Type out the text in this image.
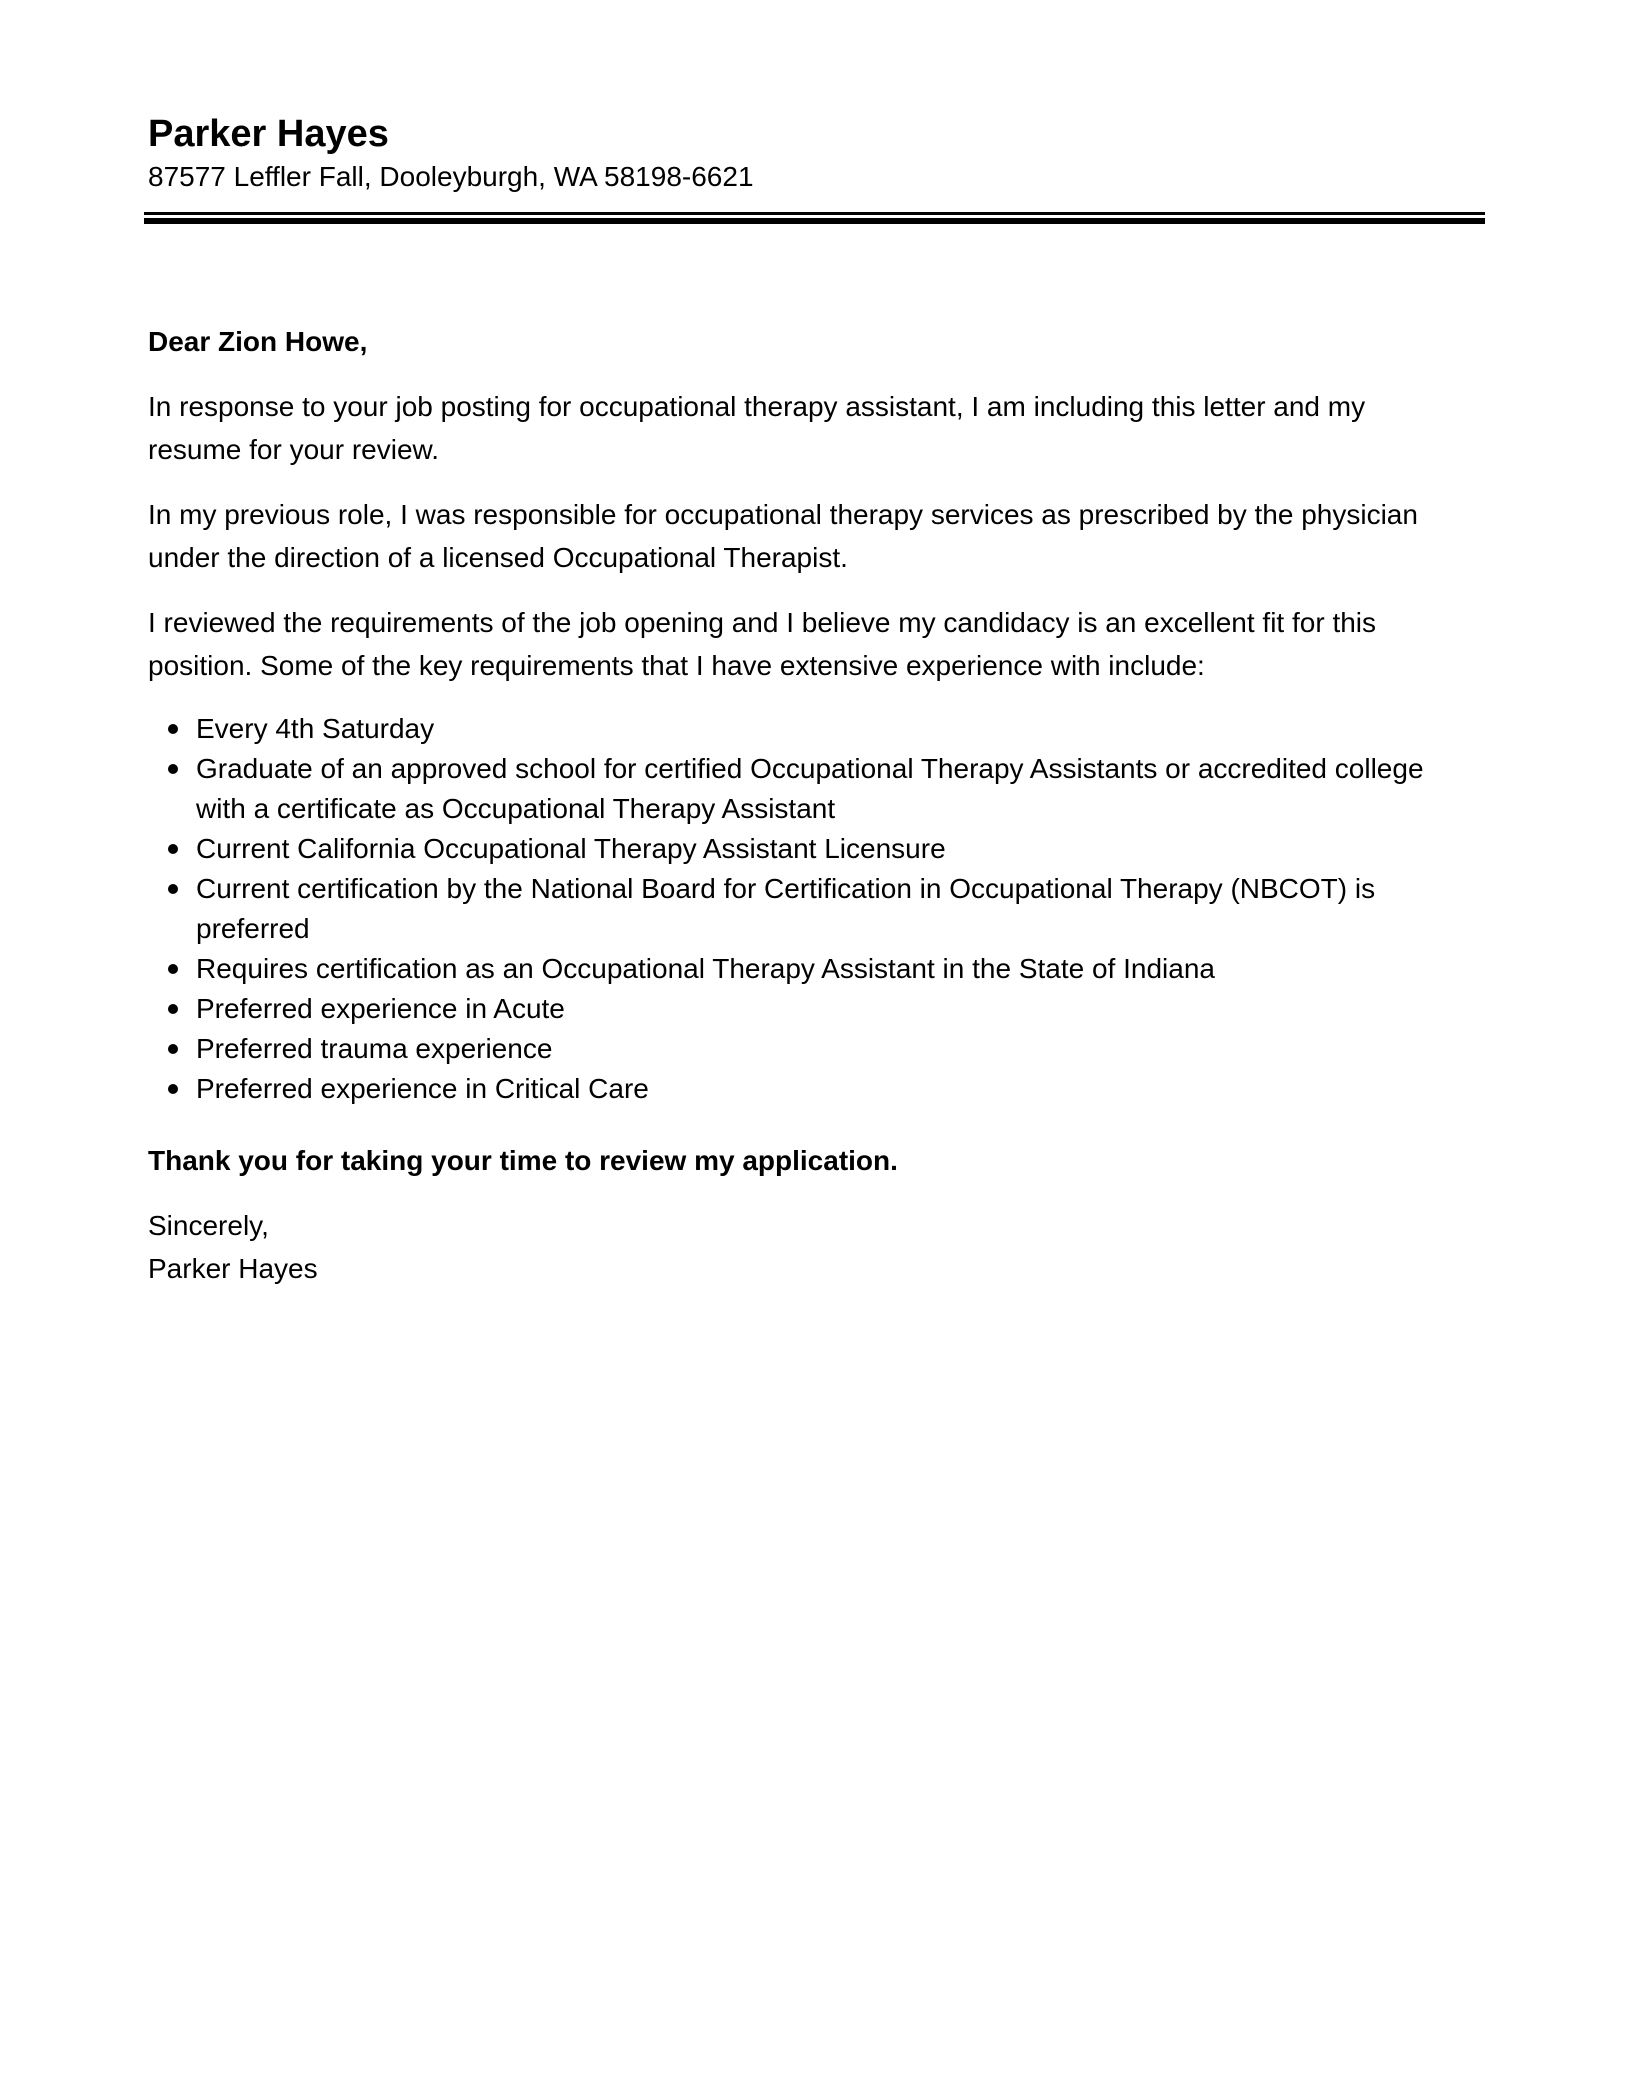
Parker Hayes

87577 Leffler Fall, Dooleyburgh, WA 58198-6621

Dear Zion Howe,

In response to your job posting for occupational therapy assistant, I am including this letter and my resume for your review.

In my previous role, I was responsible for occupational therapy services as prescribed by the physician under the direction of a licensed Occupational Therapist.

I reviewed the requirements of the job opening and I believe my candidacy is an excellent fit for this position. Some of the key requirements that I have extensive experience with include:

Every 4th Saturday
Graduate of an approved school for certified Occupational Therapy Assistants or accredited college with a certificate as Occupational Therapy Assistant
Current California Occupational Therapy Assistant Licensure
Current certification by the National Board for Certification in Occupational Therapy (NBCOT) is preferred
Requires certification as an Occupational Therapy Assistant in the State of Indiana
Preferred experience in Acute
Preferred trauma experience
Preferred experience in Critical Care

Thank you for taking your time to review my application.

Sincerely,

Parker Hayes
